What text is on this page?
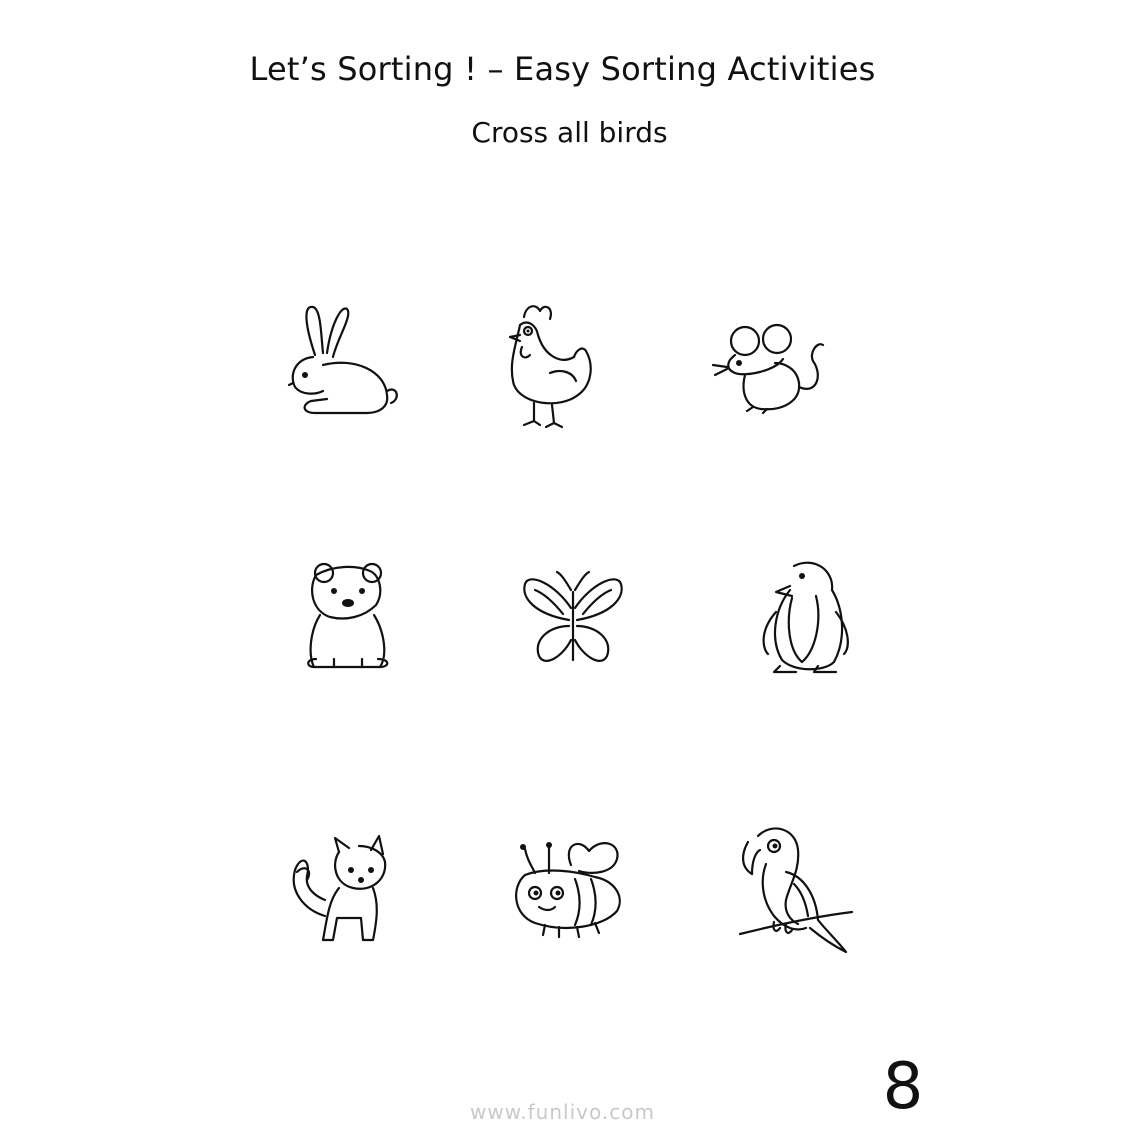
Let’s Sorting ! – Easy Sorting Activities
Cross all birds
8
www.funlivo.com
